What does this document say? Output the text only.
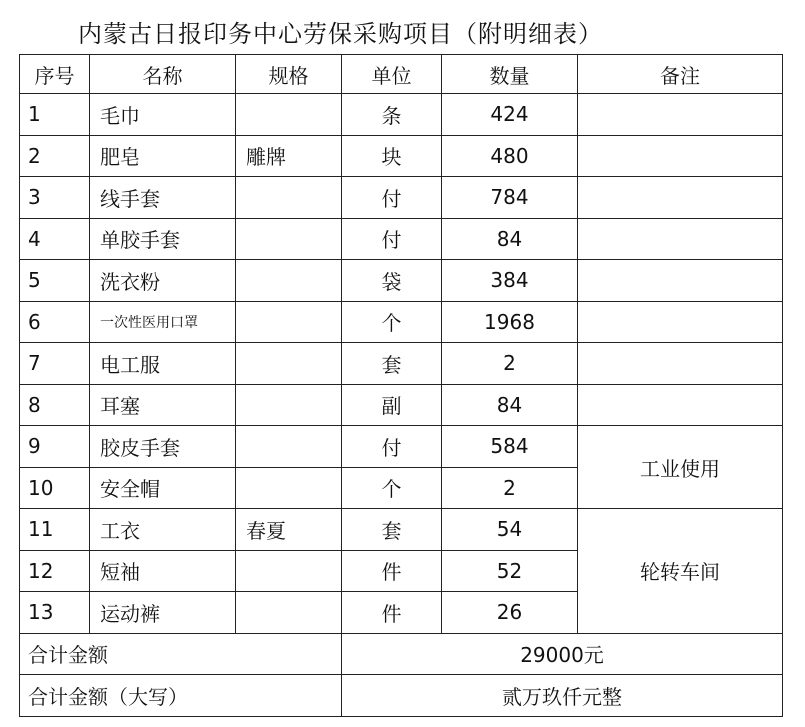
内蒙古日报印务中心劳保采购项目（附明细表）
序号	名称	规格	单位	数量	备注
1	毛巾		条	424	
2	肥皂	雕牌	块	480	
3	线手套		付	784	
4	单胶手套		付	84	
5	洗衣粉		袋	384	
6	一次性医用口罩		个	1968	
7	电工服		套	2	
8	耳塞		副	84	
9	胶皮手套		付	584	工业使用
10	安全帽		个	2	
11	工衣	春夏	套	54	轮转车间
12	短袖		件	52	
13	运动裤		件	26	
合计金额			29000元		
合计金额（大写）			贰万玖仟元整		
